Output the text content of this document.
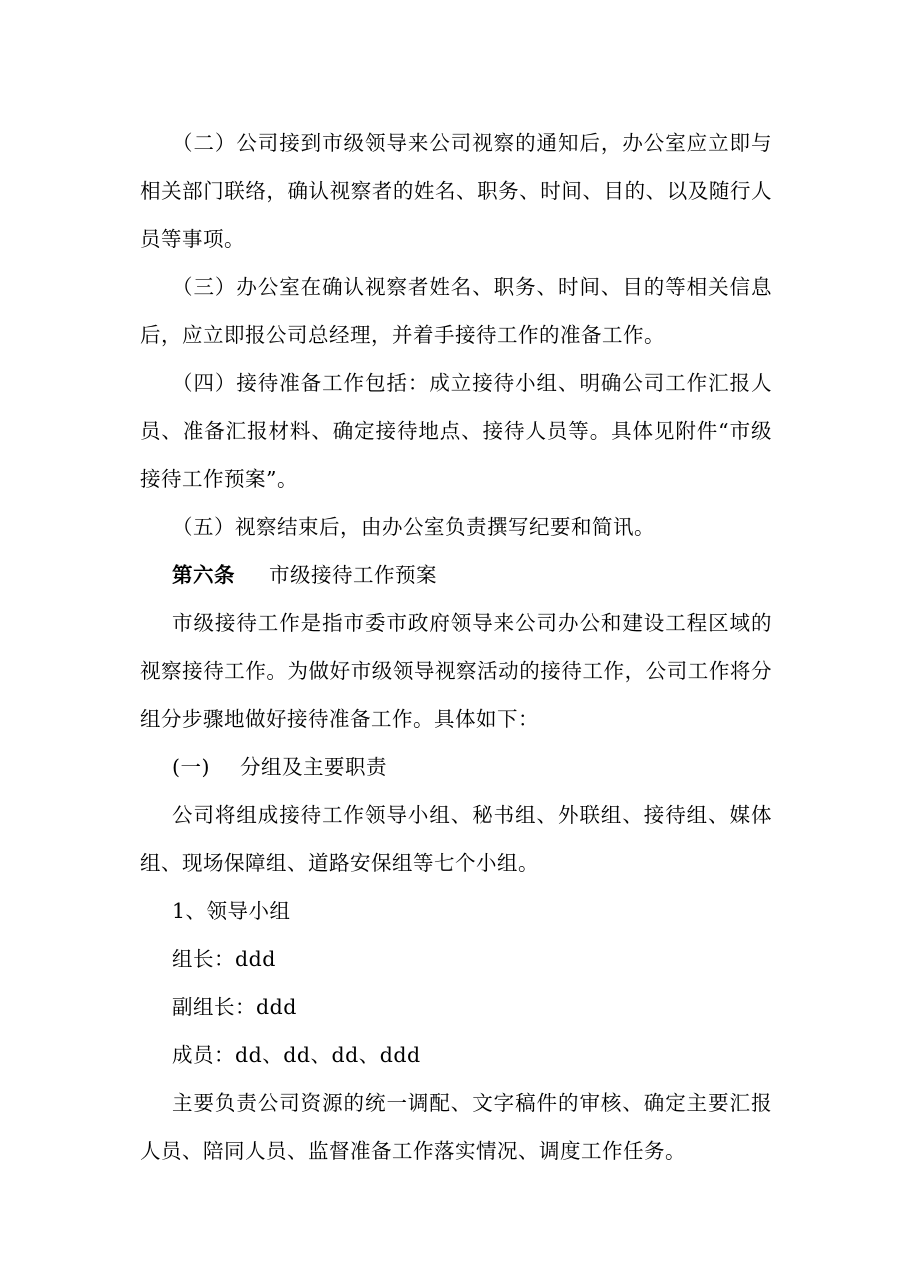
（二）公司接到市级领导来公司视察的通知后，办公室应立即与相关部门联络，确认视察者的姓名、职务、时间、目的、以及随行人员等事项。

（三）办公室在确认视察者姓名、职务、时间、目的等相关信息后，应立即报公司总经理，并着手接待工作的准备工作。

（四）接待准备工作包括：成立接待小组、明确公司工作汇报人员、准备汇报材料、确定接待地点、接待人员等。具体见附件“市级接待工作预案”。

（五）视察结束后，由办公室负责撰写纪要和简讯。

第六条 市级接待工作预案

市级接待工作是指市委市政府领导来公司办公和建设工程区域的视察接待工作。为做好市级领导视察活动的接待工作，公司工作将分组分步骤地做好接待准备工作。具体如下：

(一) 分组及主要职责

公司将组成接待工作领导小组、秘书组、外联组、接待组、媒体组、现场保障组、道路安保组等七个小组。

1、领导小组
组长：ddd
副组长：ddd
成员：dd、dd、dd、ddd

主要负责公司资源的统一调配、文字稿件的审核、确定主要汇报人员、陪同人员、监督准备工作落实情况、调度工作任务。
